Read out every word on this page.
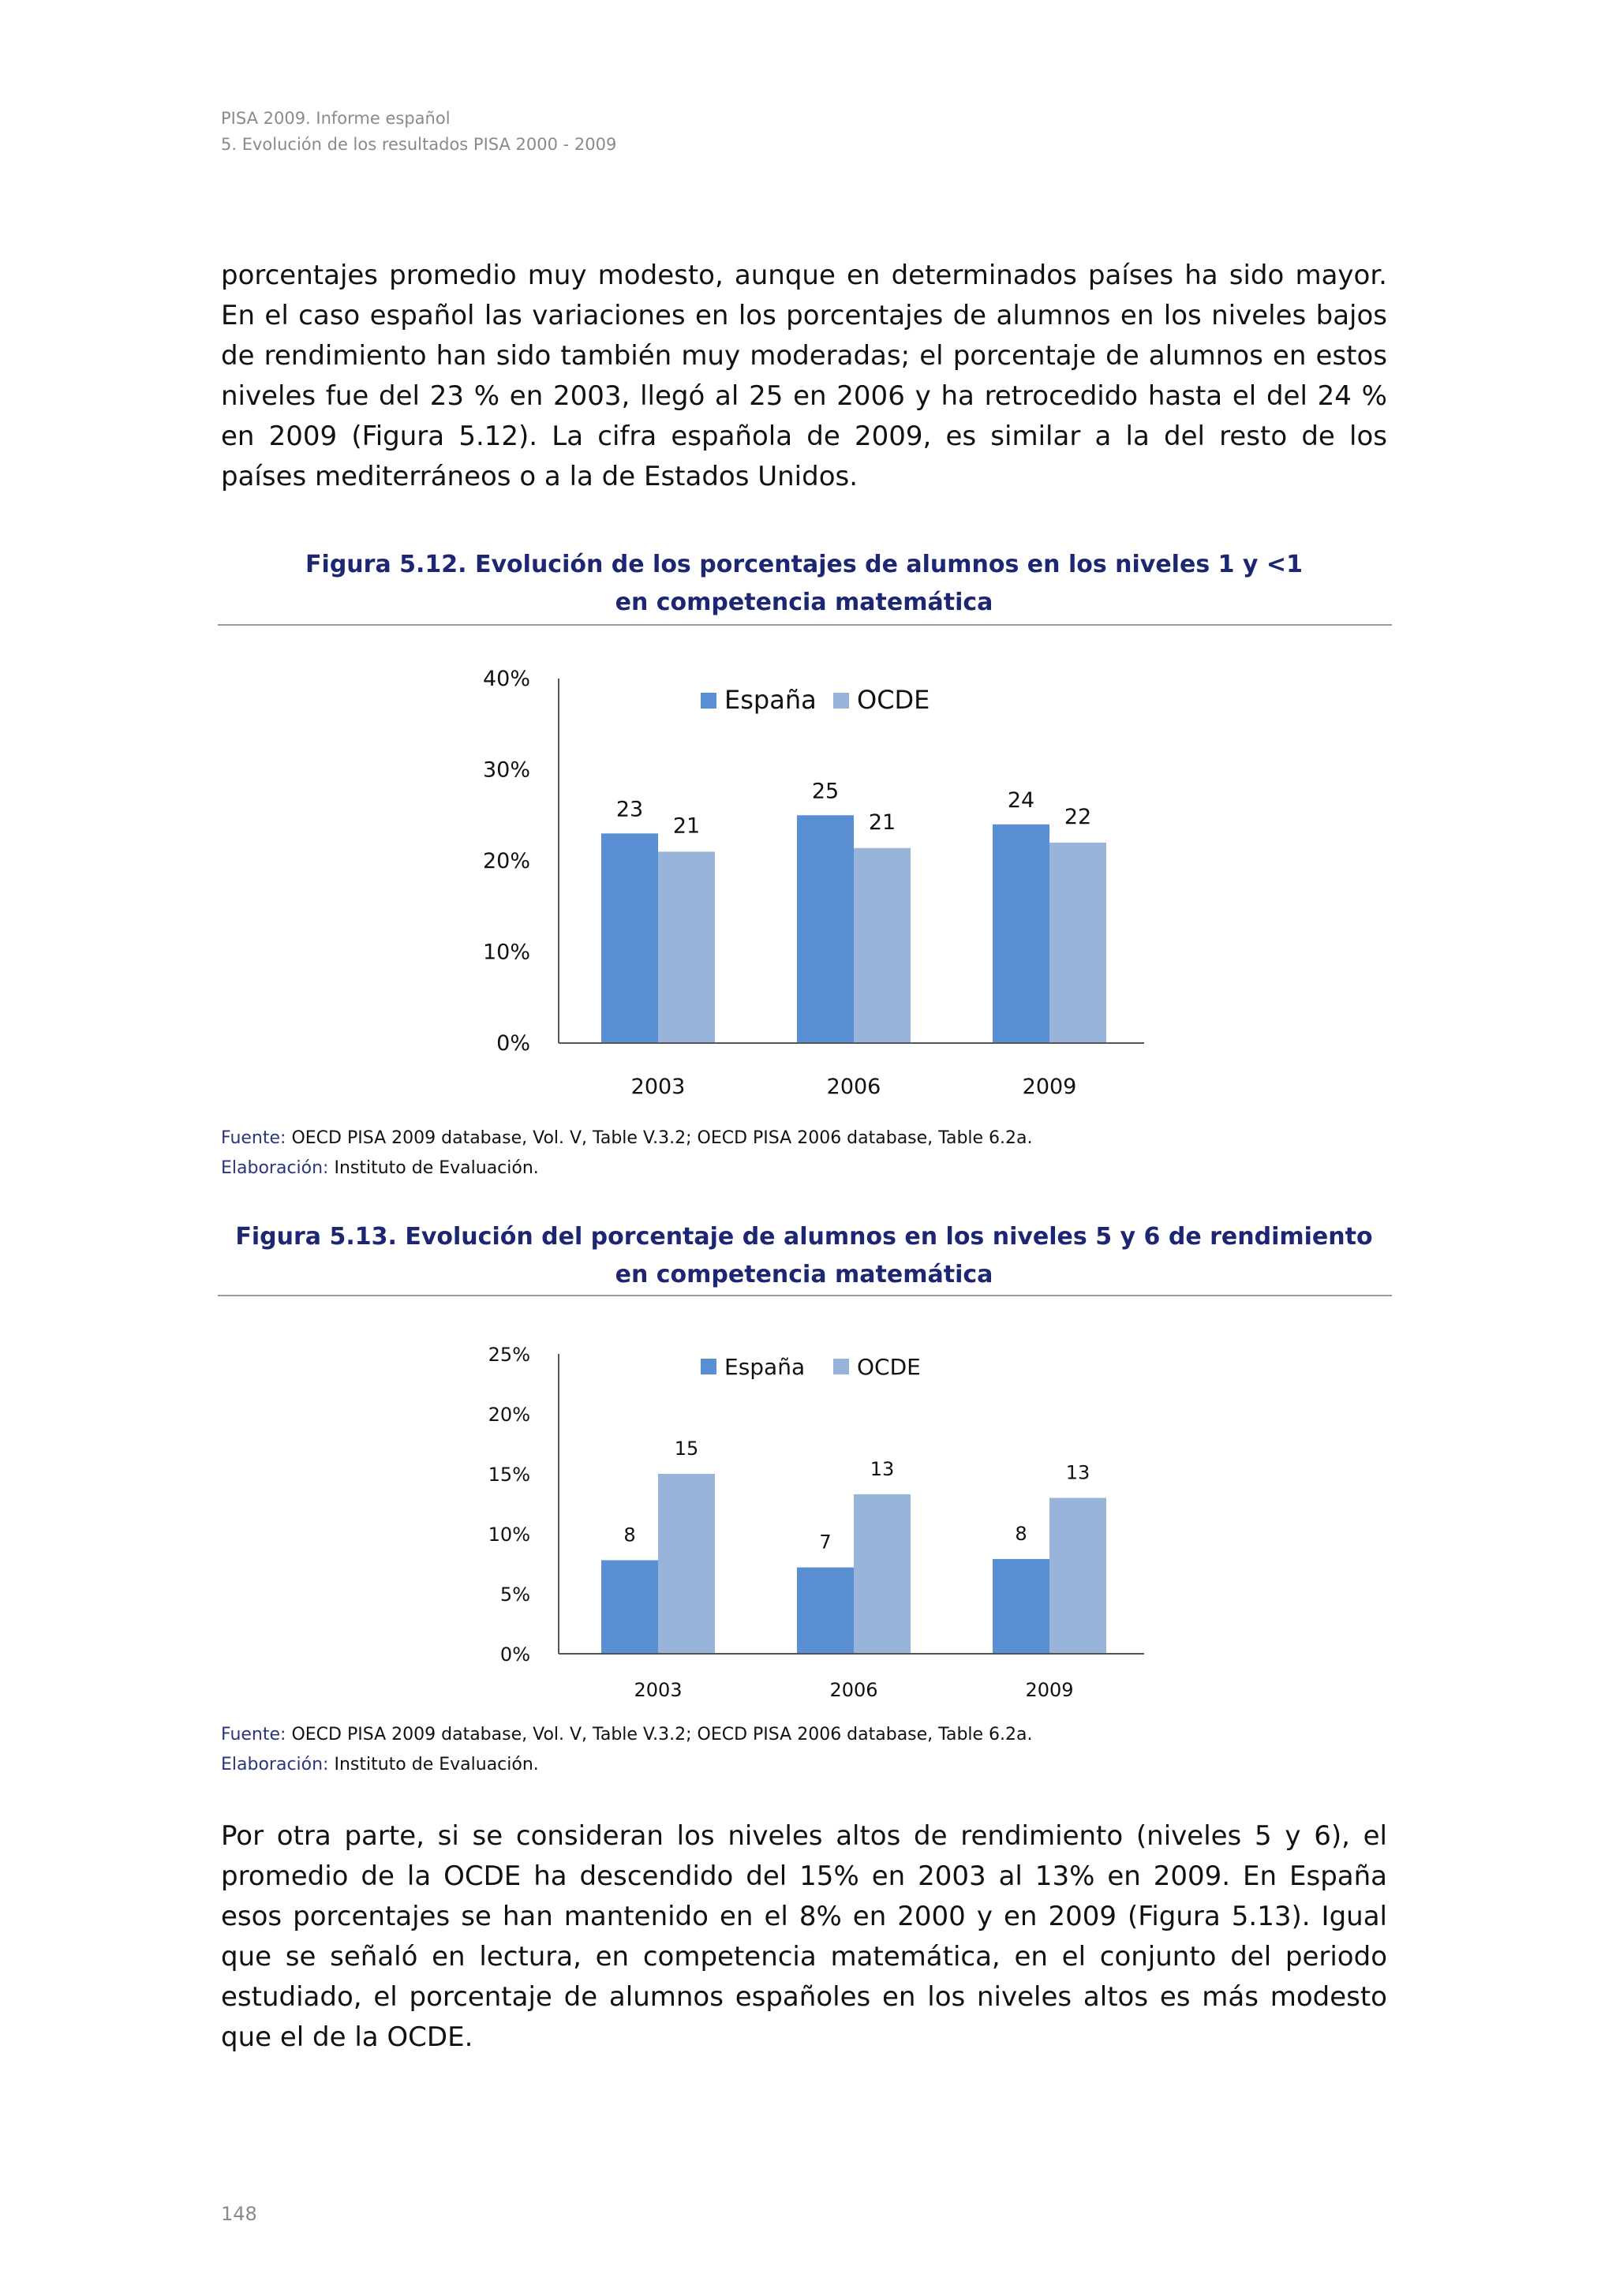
PISA 2009. Informe español
5. Evolución de los resultados PISA 2000 - 2009

porcentajes promedio muy modesto, aunque en determinados países ha sido mayor. En el caso español las variaciones en los porcentajes de alumnos en los niveles bajos de rendimiento han sido también muy moderadas; el porcentaje de alumnos en estos niveles fue del 23 % en 2003, llegó al 25 en 2006 y ha retrocedido hasta el del 24 % en 2009 (Figura 5.12). La cifra española de 2009, es similar a la del resto de los países mediterráneos o a la de Estados Unidos.

Figura 5.12. Evolución de los porcentajes de alumnos en los niveles 1 y <1
en competencia matemática
0%
10%
20%
30%
40%
23
21
2003
25
21
2006
24
22
2009
España OCDE
Fuente: OECD PISA 2009 database, Vol. V, Table V.3.2; OECD PISA 2006 database, Table 6.2a.
Elaboración: Instituto de Evaluación.
Figura 5.13. Evolución del porcentaje de alumnos en los niveles 5 y 6 de rendimiento
en competencia matemática
0%
5%
10%
15%
20%
25%
8
15
2003
7
13
2006
8
13
2009
España OCDE
Fuente: OECD PISA 2009 database, Vol. V, Table V.3.2; OECD PISA 2006 database, Table 6.2a.
Elaboración: Instituto de Evaluación.

Por otra parte, si se consideran los niveles altos de rendimiento (niveles 5 y 6), el promedio de la OCDE ha descendido del 15% en 2003 al 13% en 2009. En España esos porcentajes se han mantenido en el 8% en 2000 y en 2009 (Figura 5.13). Igual que se señaló en lectura, en competencia matemática, en el conjunto del periodo estudiado, el porcentaje de alumnos españoles en los niveles altos es más modesto que el de la OCDE.

148
